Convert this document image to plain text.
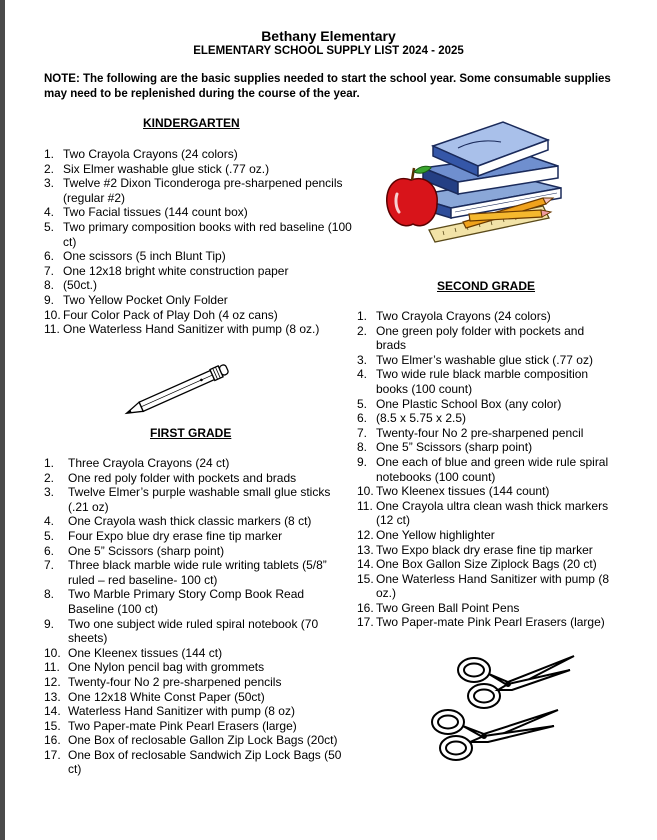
Bethany Elementary
ELEMENTARY SCHOOL SUPPLY LIST 2024 - 2025
NOTE: The following are the basic supplies needed to start the school year. Some consumable supplies may need to be replenished during the course of the year.
KINDERGARTEN
1. Two Crayola Crayons (24 colors)
2. Six Elmer washable glue stick (.77 oz.)
3. Twelve #2 Dixon Ticonderoga pre-sharpened pencils (regular #2)
4. Two Facial tissues (144 count box)
5. Two primary composition books with red baseline (100 ct)
6. One scissors (5 inch Blunt Tip)
7. One 12x18 bright white construction paper
8. (50ct.)
9. Two Yellow Pocket Only Folder
10. Four Color Pack of Play Doh (4 oz cans)
11. One Waterless Hand Sanitizer with pump (8 oz.)
FIRST GRADE
1. Three Crayola Crayons (24 ct)
2. One red poly folder with pockets and brads
3. Twelve Elmer’s purple washable small glue sticks (.21 oz)
4. One Crayola wash thick classic markers (8 ct)
5. Four Expo blue dry erase fine tip marker
6. One 5” Scissors (sharp point)
7. Three black marble wide rule writing tablets (5/8” ruled – red baseline- 100 ct)
8. Two Marble Primary Story Comp Book Read Baseline (100 ct)
9. Two one subject wide ruled spiral notebook (70 sheets)
10. One Kleenex tissues (144 ct)
11. One Nylon pencil bag with grommets
12. Twenty-four No 2 pre-sharpened pencils
13. One 12x18 White Const Paper (50ct)
14. Waterless Hand Sanitizer with pump (8 oz)
15. Two Paper-mate Pink Pearl Erasers (large)
16. One Box of reclosable Gallon Zip Lock Bags (20ct)
17. One Box of reclosable Sandwich Zip Lock Bags (50 ct)
SECOND GRADE
1. Two Crayola Crayons (24 colors)
2. One green poly folder with pockets and brads
3. Two Elmer’s washable glue stick (.77 oz)
4. Two wide rule black marble composition books (100 count)
5. One Plastic School Box (any color)
6. (8.5 x 5.75 x 2.5)
7. Twenty-four No 2 pre-sharpened pencil
8. One 5” Scissors (sharp point)
9. One each of blue and green wide rule spiral notebooks (100 count)
10. Two Kleenex tissues (144 count)
11. One Crayola ultra clean wash thick markers (12 ct)
12. One Yellow highlighter
13. Two Expo black dry erase fine tip marker
14. One Box Gallon Size Ziplock Bags (20 ct)
15. One Waterless Hand Sanitizer with pump (8 oz.)
16. Two Green Ball Point Pens
17. Two Paper-mate Pink Pearl Erasers (large)
